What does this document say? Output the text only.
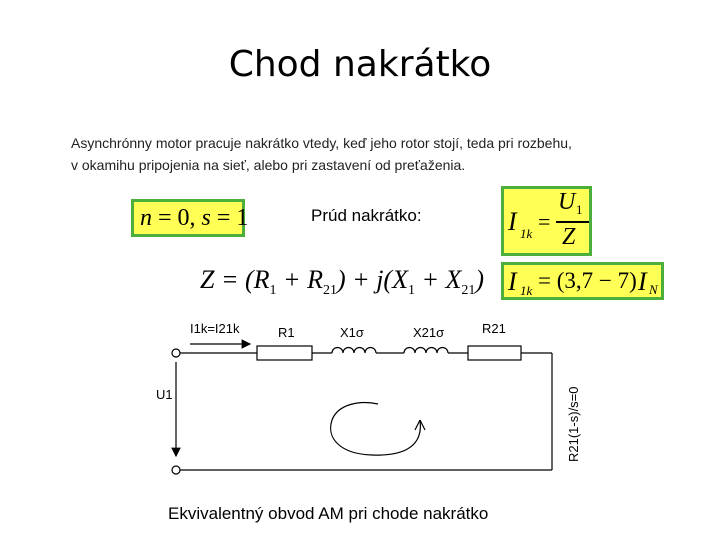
Chod nakrátko
Asynchrónny motor pracuje nakrátko vtedy, keď jeho rotor stojí, teda pri rozbehu,
v okamihu pripojenia na sieť, alebo pri zastavení od preťaženia.
n = 0, s = 1	Prúd nakrátko:	I 1k =
U 1
Z
I 1k = (3,7 − 7) I N
$Z = (R_1 + R_{21}) + j(X_1 + X_{21})$
I1k=I21k	R1	X1σ	X21σ	R21
U1	R21(1-s)/s=0
Ekvivalentný obvod AM pri chode nakrátko
